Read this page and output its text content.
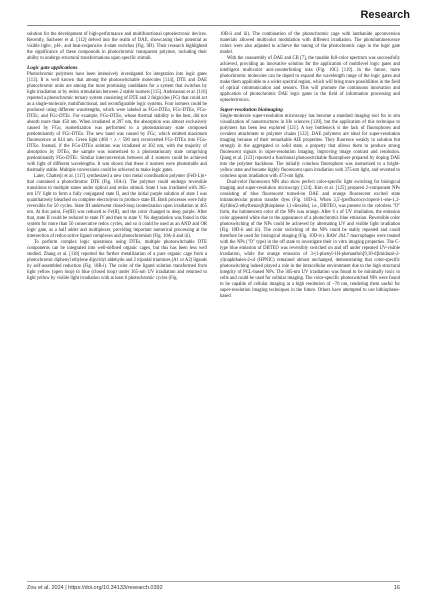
Research

solution for the development of high-performance and multifunctional optoelectronic devices. Recently, Sacherer et al. [112] delved into the realm of DAE, showcasing their potential as visible light-, pH-, and heat-responsive 4-state switches (Fig. 9D). Their research highlighted the significance of these compounds in photochromic transparent polymer, including their ability to undergo structural transformations upon specific stimuli.

Logic gate applications

Photochromic polymers have been intensively investigated for integration into logic gates [113]. It is well known that among the photoswitchable molecules [114], DTE and DAE photochromic units are among the most promising candidates for a system that switches by light irradiation or by redox stimulation between 2 stable isomers [115]. Andréasson et al. [116] reported a photochromic ternary system consisting of DTE and 2 fulgicides (FG) that could act as a single-molecule, multifunctional, and reconfigurable logic systems. Four isomers could be produced using different wavelengths, which were labeled as FGo-DTEo, FGc-DTEo, FGo-DTEc, and FGc-DTEc. For example, FGo-DTEo, whose thermal stability is the best, did not absorb more than 450 nm. When irradiated at 397 nm, the absorption was almost exclusively caused by FGo, isomerization was performed to a photostationary state composed predominantly of FGc-DTEo. The new band was caused by FGc, which emitted maximum fluorescence at 624 nm. Green light (460 < λ < 590 nm) reconverted FGc-DTEo into FGo-DTEo. Instead, if the FGo-DTEo solution was irradiated at 302 nm, with the majority of absorption by DTEo, the sample was isomerized to a photostationary state comprising predominantly FGo-DTEc. Similar interconversion between all 4 isomers could be achieved with light of different wavelengths. It was shown that these 4 isomers were photostable and thermally stable. Multiple conversions could be achieved to make logic gates.

Later, Chatterji et al. [117] synthesized a new iron metal coordination polymer (FeII-L)n+ that contained a photochromic DTE (Fig. 10A-i). The polymer could undergo reversible transitions to multiple states under optical and redox stimuli. State I was irradiated with 365-nm UV light to form a fully conjugated state II, and the initial purple solution of state I was quantitatively bleached on complete electrolysis to produce state III. Both processes were fully reversible for 50 cycles. State III underwent closed-loop isomerization upon irradiation at 465 nm. At this point, Fe(III) was reduced to Fe(II), and the color changed to deep purple. After that, state II could be reduced to state IV and then to state V. No degradation was found in this system for more than 50 consecutive redox cycles, and so it could be used as an AND and OR logic gate, as a half adder and multiplexer, providing important numerical processing at the intersection of redox-active ligand complexes and photochromism (Fig. 10A-ii and iii).

To perform complex logic operations using DTEs, multiple photoswitchable DTE components can be integrated into well-defined organic cages, but this has been less well studied. Zhang et al. [118] reported the further metallization of a pure organic cage from a photochromic diphenyl ethylene dipyridyl aldehyde and 2 tripodal triamines (A1 or A2) ligands by self-assembled reduction (Fig. 10B-i). The color of the ligand solution transformed from light yellow (open loop) to blue (closed loop) under 365-nm UV irradiation and returned to light yellow by visible light irradiation with at least 6 photochromic cycles (Fig.

10B-ii and iii). The combination of the photochromic cage with lanthanide upconversion materials allowed multicolor modulation with different irradiation. The photoluminescence colors were also adjusted to achieve the tuning of the photochromic cage in the logic gate model.

With the coassembly of DAE and CB [7], the tunable full-color spectrum was successfully achieved, providing an innovative solution for the application of multilevel logic gates and intelligent multicolor anti-counterfeiting inks (Fig. 10C) [119]. In the future, more photochromic molecules can be doped to expand the wavelength range of the logic gates and make them applicable to a wider spectral region, which will bring more possibilities in the field of optical communication and sensors. This will promote the continuous innovation and application of photochromic DAE logic gates in the field of information processing and optoelectronics.

Super-resolution bioimaging

Single-molecule super-resolution microscopy has become a standard imaging tool for in situ visualization of nanostructures in life sciences [120], but the application of this technique to polymers has been less explored [121]. A key bottleneck is the lack of fluorophores and covalent attachment to polymer chains [122]. DAE polymers are ideal for super-resolution imaging because of their remarkable AIE properties. They fluoresce weakly in solution but strongly in the aggregated or solid state, a property that allows them to produce strong fluorescent signals in super-resolution imaging, improving image contrast and resolution. Qiang et al. [123] reported a functional photoswitchable fluorophore prepared by doping DAE into the polymer backbone. The initially colorless fluorophore was isomerized to a bright-yellow state and became highly fluorescent upon irradiation with 375-nm light, and reverted to colorless upon irradiation with 473-nm light.

Dual-color fluorescent NPs also show perfect color-specific light switching for biological imaging and super-resolution microscopy [124]. Kim et al. [125] prepared 2-component NPs consisting of blue fluorescent turned-on DAE and orange fluorescent excited state intramolecular proton transfer dyes (Fig. 10D-i). When 3,5'-(perfluorocyclopent-1-ene-1,2-diyl)bis(2-ethylbenzo[b]thiophene 1,1-dioxide), i.e., DBTEO, was present in the colorless "O" form, the luminescent color of the NPs was orange. After 6 s of UV irradiation, the emission color appeared white due to the appearance of a photochromic blue emission. Reversible color photoswitching of the NPs could be achieved by alternating UV and visible light irradiation (Fig. 10D-ii and iii). The color switching of the NPs could be stably repeated and could therefore be used for biological imaging (Fig. 10D-iv). RAW 264.7 macrophages were treated with the NPs ("O" type) in the off state to investigate their in vitro imaging properties. The C-type blue emission of DBTEO was reversibly switched on and off under repeated UV-visible irradiation, while the orange emission of 3-(1-phenyl-1H-phenanthro[9,10-d]imidazol-2-yl)naphthalen-2-ol (HPNIC) remained almost unchanged, demonstrating that color-specific photoswitching indeed played a role in the intracellular environment due to the high structural integrity of PCL-based NPs. The 365-nm UV irradiation was found to be minimally toxic to cells and could be used for cellular imaging. The color-specific photoswitched NPs were found to be capable of cellular imaging at a high resolution of ~70 nm, rendering them useful for super-resolution imaging techniques in the future. Others have attempted to use bithiophene-based

Zou et al. 2024 | https://doi.org/10.34133/research.0392	16
